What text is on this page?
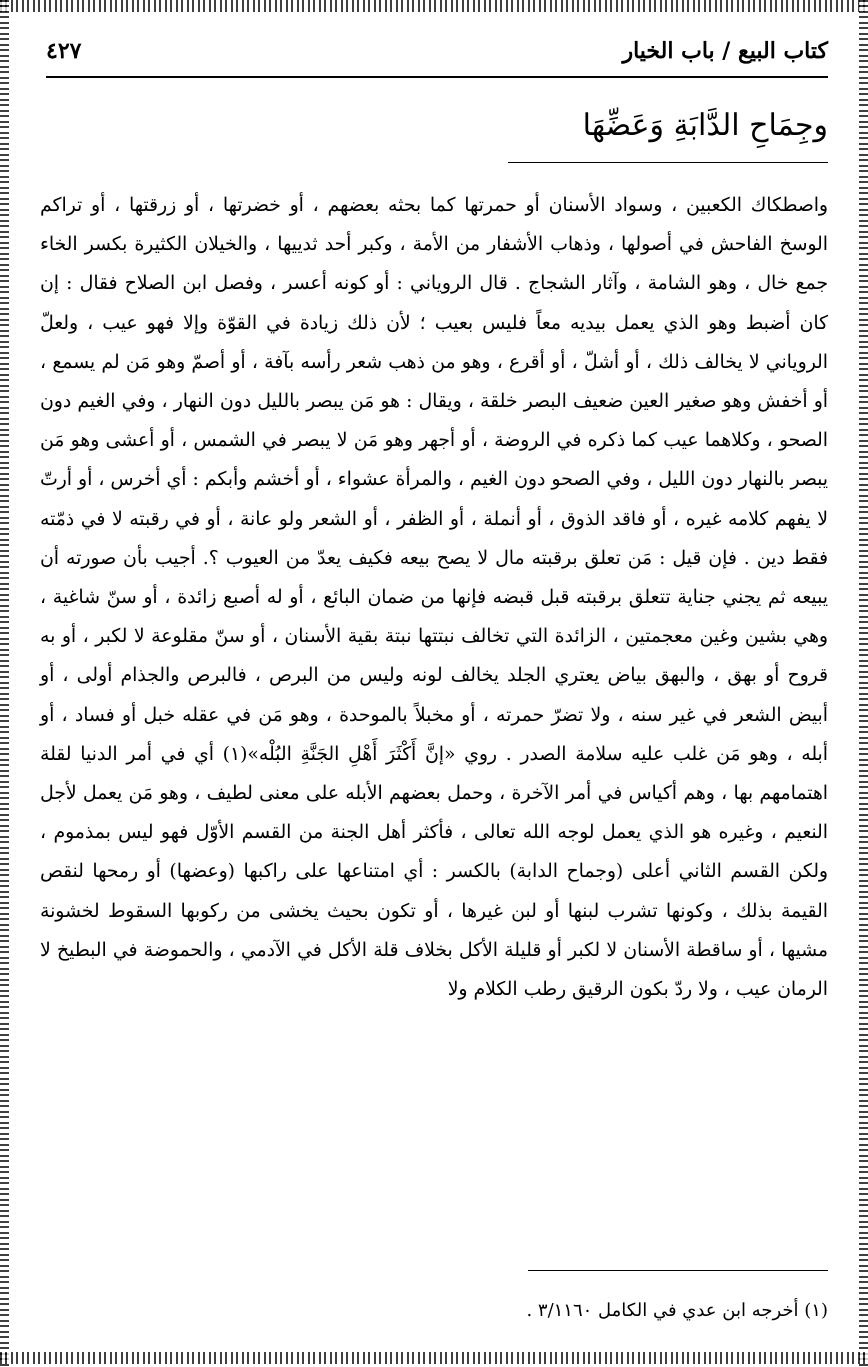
كتاب البيع / باب الخيار
٤٢٧
وجِمَاحِ الدَّابَةِ وَعَضِّهَا

واصطكاك الكعبين ، وسواد الأسنان أو حمرتها كما بحثه بعضهم ، أو خضرتها ، أو زرقتها ، أو تراكم الوسخ الفاحش في أصولها ، وذهاب الأشفار من الأمة ، وكبر أحد ثدييها ، والخيلان الكثيرة بكسر الخاء جمع خال ، وهو الشامة ، وآثار الشجاج . قال الروياني : أو كونه أعسر ، وفصل ابن الصلاح فقال : إن كان أضبط وهو الذي يعمل بيديه معاً فليس بعيب ؛ لأن ذلك زيادة في القوّة وإلا فهو عيب ، ولعلّ الروياني لا يخالف ذلك ، أو أشلّ ، أو أقرع ، وهو من ذهب شعر رأسه بآفة ، أو أصمّ وهو مَن لم يسمع ، أو أخفش وهو صغير العين ضعيف البصر خلقة ، ويقال : هو مَن يبصر بالليل دون النهار ، وفي الغيم دون الصحو ، وكلاهما عيب كما ذكره في الروضة ، أو أجهر وهو مَن لا يبصر في الشمس ، أو أعشى وهو مَن يبصر بالنهار دون الليل ، وفي الصحو دون الغيم ، والمرأة عشواء ، أو أخشم وأبكم : أي أخرس ، أو أرتّ لا يفهم كلامه غيره ، أو فاقد الذوق ، أو أنملة ، أو الظفر ، أو الشعر ولو عانة ، أو في رقبته لا في ذمّته فقط دين . فإن قيل : مَن تعلق برقبته مال لا يصح بيعه فكيف يعدّ من العيوب ؟. أجيب بأن صورته أن يبيعه ثم يجني جناية تتعلق برقبته قبل قبضه فإنها من ضمان البائع ، أو له أصبع زائدة ، أو سنّ شاغية ، وهي بشين وغين معجمتين ، الزائدة التي تخالف نبتتها نبتة بقية الأسنان ، أو سنّ مقلوعة لا لكبر ، أو به قروح أو بهق ، والبهق بياض يعتري الجلد يخالف لونه وليس من البرص ، فالبرص والجذام أولى ، أو أبيض الشعر في غير سنه ، ولا تضرّ حمرته ، أو مخبلاً بالموحدة ، وهو مَن في عقله خبل أو فساد ، أو أبله ، وهو مَن غلب عليه سلامة الصدر . روي «إنَّ أَكْثَرَ أَهْلِ الجَنَّةِ البُلْه»(١) أي في أمر الدنيا لقلة اهتمامهم بها ، وهم أكياس في أمر الآخرة ، وحمل بعضهم الأبله على معنى لطيف ، وهو مَن يعمل لأجل النعيم ، وغيره هو الذي يعمل لوجه الله تعالى ، فأكثر أهل الجنة من القسم الأوّل فهو ليس بمذموم ، ولكن القسم الثاني أعلى (وجماح الدابة) بالكسر : أي امتناعها على راكبها (وعضها) أو رمحها لنقص القيمة بذلك ، وكونها تشرب لبنها أو لبن غيرها ، أو تكون بحيث يخشى من ركوبها السقوط لخشونة مشيها ، أو ساقطة الأسنان لا لكبر أو قليلة الأكل بخلاف قلة الأكل في الآدمي ، والحموضة في البطيخ لا الرمان عيب ، ولا ردّ بكون الرقيق رطب الكلام ولا

(١) أخرجه ابن عدي في الكامل ٣/١١٦٠ .
